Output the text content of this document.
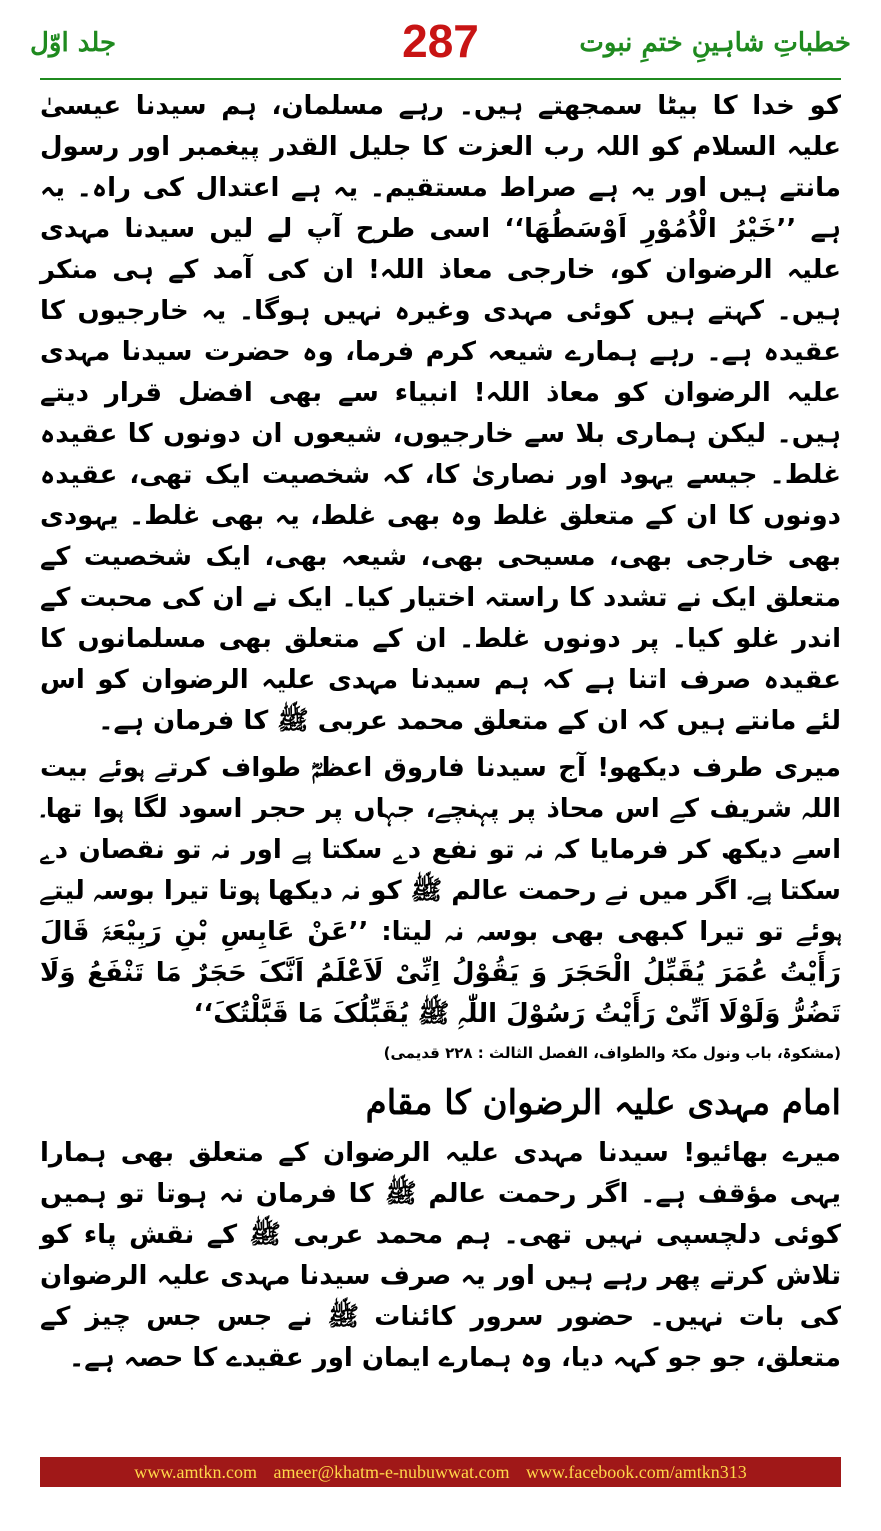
جلد اوّل	287	خطباتِ شاہینِ ختمِ نبوت

کو خدا کا بیٹا سمجھتے ہیں۔ رہے مسلمان، ہم سیدنا عیسیٰ علیہ السلام کو اللہ رب العزت کا جلیل القدر پیغمبر اور رسول مانتے ہیں اور یہ ہے صراط مستقیم۔ یہ ہے اعتدال کی راہ۔ یہ ہے ’’خَیْرُ الْاُمُوْرِ اَوْسَطُھَا‘‘ اسی طرح آپ لے لیں سیدنا مہدی علیہ الرضوان کو، خارجی معاذ اللہ! ان کی آمد کے ہی منکر ہیں۔ کہتے ہیں کوئی مہدی وغیرہ نہیں ہوگا۔ یہ خارجیوں کا عقیدہ ہے۔ رہے ہمارے شیعہ کرم فرما، وہ حضرت سیدنا مہدی علیہ الرضوان کو معاذ اللہ! انبیاء سے بھی افضل قرار دیتے ہیں۔ لیکن ہماری بلا سے خارجیوں، شیعوں ان دونوں کا عقیدہ غلط۔ جیسے یہود اور نصاریٰ کا، کہ شخصیت ایک تھی، عقیدہ دونوں کا ان کے متعلق غلط وہ بھی غلط، یہ بھی غلط۔ یہودی بھی خارجی بھی، مسیحی بھی، شیعہ بھی، ایک شخصیت کے متعلق ایک نے تشدد کا راستہ اختیار کیا۔ ایک نے ان کی محبت کے اندر غلو کیا۔ پر دونوں غلط۔ ان کے متعلق بھی مسلمانوں کا عقیدہ صرف اتنا ہے کہ ہم سیدنا مہدی علیہ الرضوان کو اس لئے مانتے ہیں کہ ان کے متعلق محمد عربی ﷺ کا فرمان ہے۔

میری طرف دیکھو! آج سیدنا فاروق اعظمؓ طواف کرتے ہوئے بیت اللہ شریف کے اس محاذ پر پہنچے، جہاں پر حجر اسود لگا ہوا تھا۔ اسے دیکھ کر فرمایا کہ نہ تو نفع دے سکتا ہے اور نہ تو نقصان دے سکتا ہے۔ اگر میں نے رحمت عالم ﷺ کو نہ دیکھا ہوتا تیرا بوسہ لیتے ہوئے تو تیرا کبھی بھی بوسہ نہ لیتا: ’’عَنْ عَابِسِ بْنِ رَبِیْعَۃَ قَالَ رَأَیْتُ عُمَرَ یُقَبِّلُ الْحَجَرَ وَ یَقُوْلُ اِنِّیْ لَاَعْلَمُ اَنَّکَ حَجَرٌ مَا تَنْفَعُ وَلَا تَضُرُّ وَلَوْلَا اَنِّیْ رَأَیْتُ رَسُوْلَ اللّٰہِ ﷺ یُقَبِّلُکَ مَا قَبَّلْتُکَ‘‘

(مشکوۃ، باب ونول مکۃ والطواف، الفصل الثالث : ۲۲۸ قدیمی)

امام مہدی علیہ الرضوان کا مقام

میرے بھائیو! سیدنا مہدی علیہ الرضوان کے متعلق بھی ہمارا یہی مؤقف ہے۔ اگر رحمت عالم ﷺ کا فرمان نہ ہوتا تو ہمیں کوئی دلچسپی نہیں تھی۔ ہم محمد عربی ﷺ کے نقش پاء کو تلاش کرتے پھر رہے ہیں اور یہ صرف سیدنا مہدی علیہ الرضوان کی بات نہیں۔ حضور سرور کائنات ﷺ نے جس جس چیز کے متعلق، جو جو کہہ دیا، وہ ہمارے ایمان اور عقیدے کا حصہ ہے۔

www.amtkn.com ameer@khatm-e-nubuwwat.com www.facebook.com/amtkn313
